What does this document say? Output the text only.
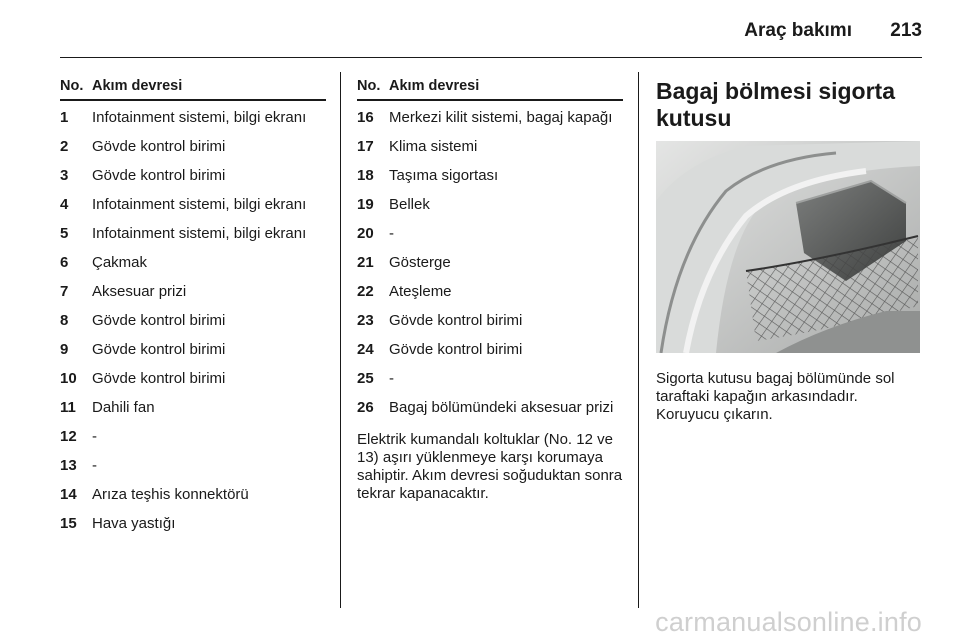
Araç bakımı 213
No. Akım devresi
1	Infotainment sistemi, bilgi ekranı
2	Gövde kontrol birimi
3	Gövde kontrol birimi
4	Infotainment sistemi, bilgi ekranı
5	Infotainment sistemi, bilgi ekranı
6	Çakmak
7	Aksesuar prizi
8	Gövde kontrol birimi
9	Gövde kontrol birimi
10	Gövde kontrol birimi
11	Dahili fan
12	-
13	-
14	Arıza teşhis konnektörü
15	Hava yastığı
No. Akım devresi
16	Merkezi kilit sistemi, bagaj kapağı
17	Klima sistemi
18	Taşıma sigortası
19	Bellek
20	-
21	Gösterge
22	Ateşleme
23	Gövde kontrol birimi
24	Gövde kontrol birimi
25	-
26	Bagaj bölümündeki aksesuar prizi
Elektrik kumandalı koltuklar (No. 12 ve 13) aşırı yüklenmeye karşı korumaya sahiptir. Akım devresi soğuduktan sonra tekrar kapanacaktır.
Bagaj bölmesi sigorta kutusu
Sigorta kutusu bagaj bölümünde sol taraftaki kapağın arkasındadır. Koruyucu çıkarın.
carmanualsonline.info
